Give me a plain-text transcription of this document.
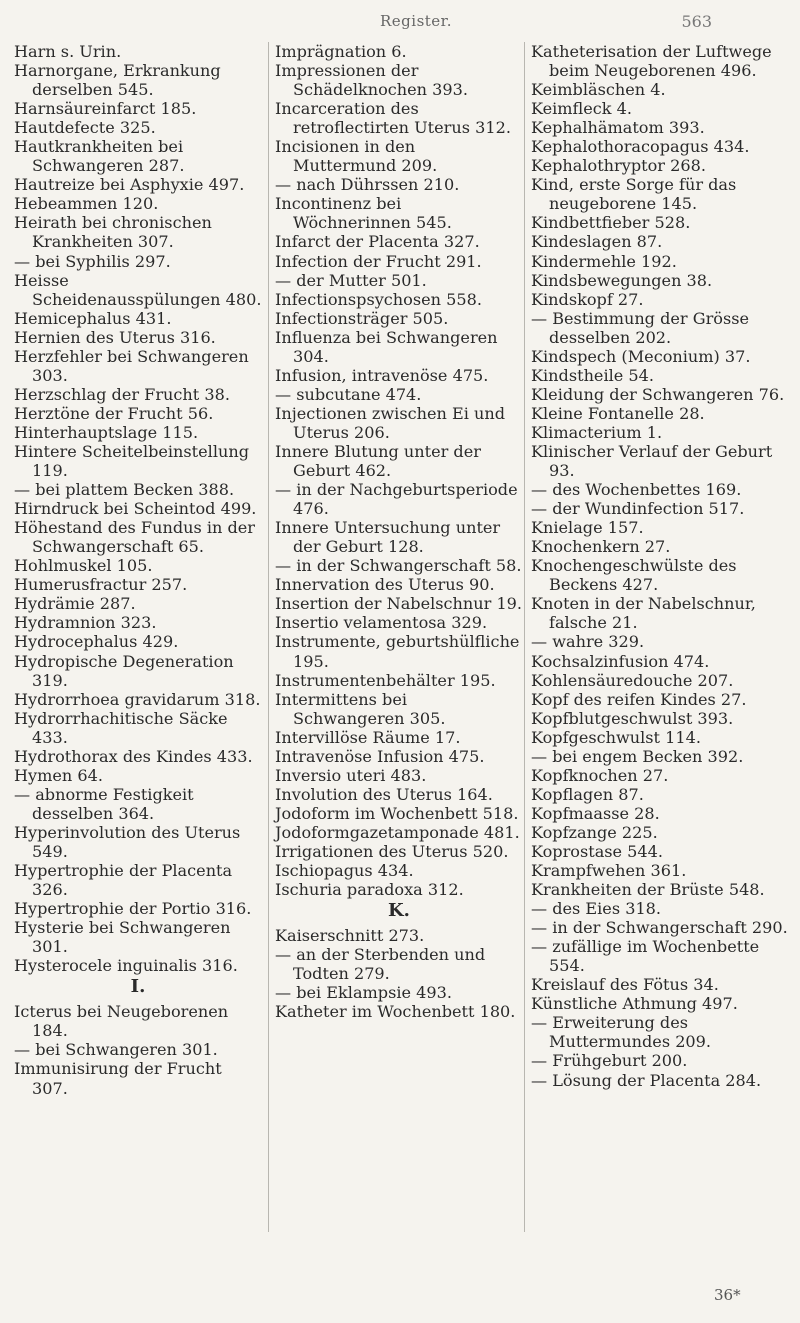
Register.	563
Harn s. Urin.
Harnorgane, Erkrankung derselben 545.
Harnsäureinfarct 185.
Hautdefecte 325.
Hautkrankheiten bei Schwangeren 287.
Hautreize bei Asphyxie 497.
Hebeammen 120.
Heirath bei chronischen Krankheiten 307.
— bei Syphilis 297.
Heisse Scheidenausspülungen 480.
Hemicephalus 431.
Hernien des Uterus 316.
Herzfehler bei Schwangeren 303.
Herzschlag der Frucht 38.
Herztöne der Frucht 56.
Hinterhauptslage 115.
Hintere Scheitelbeinstellung 119.
— bei plattem Becken 388.
Hirndruck bei Scheintod 499.
Höhestand des Fundus in der Schwangerschaft 65.
Hohlmuskel 105.
Humerusfractur 257.
Hydrämie 287.
Hydramnion 323.
Hydrocephalus 429.
Hydropische Degeneration 319.
Hydrorrhoea gravidarum 318.
Hydrorrhachitische Säcke 433.
Hydrothorax des Kindes 433.
Hymen 64.
— abnorme Festigkeit desselben 364.
Hyperinvolution des Uterus 549.
Hypertrophie der Placenta 326.
Hypertrophie der Portio 316.
Hysterie bei Schwangeren 301.
Hysterocele inguinalis 316.
I.
Icterus bei Neugeborenen 184.
— bei Schwangeren 301.
Immunisirung der Frucht 307.
Imprägnation 6.
Impressionen der Schädelknochen 393.
Incarceration des retroflectirten Uterus 312.
Incisionen in den Muttermund 209.
— nach Dührssen 210.
Incontinenz bei Wöchnerinnen 545.
Infarct der Placenta 327.
Infection der Frucht 291.
— der Mutter 501.
Infectionspsychosen 558.
Infectionsträger 505.
Influenza bei Schwangeren 304.
Infusion, intravenöse 475.
— subcutane 474.
Injectionen zwischen Ei und Uterus 206.
Innere Blutung unter der Geburt 462.
— in der Nachgeburtsperiode 476.
Innere Untersuchung unter der Geburt 128.
— in der Schwangerschaft 58.
Innervation des Uterus 90.
Insertion der Nabelschnur 19.
Insertio velamentosa 329.
Instrumente, geburtshülfliche 195.
Instrumentenbehälter 195.
Intermittens bei Schwangeren 305.
Intervillöse Räume 17.
Intravenöse Infusion 475.
Inversio uteri 483.
Involution des Uterus 164.
Jodoform im Wochenbett 518.
Jodoformgazetamponade 481.
Irrigationen des Uterus 520.
Ischiopagus 434.
Ischuria paradoxa 312.
K.
Kaiserschnitt 273.
— an der Sterbenden und Todten 279.
— bei Eklampsie 493.
Katheter im Wochenbett 180.
Katheterisation der Luftwege beim Neugeborenen 496.
Keimbläschen 4.
Keimfleck 4.
Kephalhämatom 393.
Kephalothoracopagus 434.
Kephalothryptor 268.
Kind, erste Sorge für das neugeborene 145.
Kindbettfieber 528.
Kindeslagen 87.
Kindermehle 192.
Kindsbewegungen 38.
Kindskopf 27.
— Bestimmung der Grösse desselben 202.
Kindspech (Meconium) 37.
Kindstheile 54.
Kleidung der Schwangeren 76.
Kleine Fontanelle 28.
Klimacterium 1.
Klinischer Verlauf der Geburt 93.
— des Wochenbettes 169.
— der Wundinfection 517.
Knielage 157.
Knochenkern 27.
Knochengeschwülste des Beckens 427.
Knoten in der Nabelschnur, falsche 21.
— wahre 329.
Kochsalzinfusion 474.
Kohlensäuredouche 207.
Kopf des reifen Kindes 27.
Kopfblutgeschwulst 393.
Kopfgeschwulst 114.
— bei engem Becken 392.
Kopfknochen 27.
Kopflagen 87.
Kopfmaasse 28.
Kopfzange 225.
Koprostase 544.
Krampfwehen 361.
Krankheiten der Brüste 548.
— des Eies 318.
— in der Schwangerschaft 290.
— zufällige im Wochenbette 554.
Kreislauf des Fötus 34.
Künstliche Athmung 497.
— Erweiterung des Muttermundes 209.
— Frühgeburt 200.
— Lösung der Placenta 284.
36*
